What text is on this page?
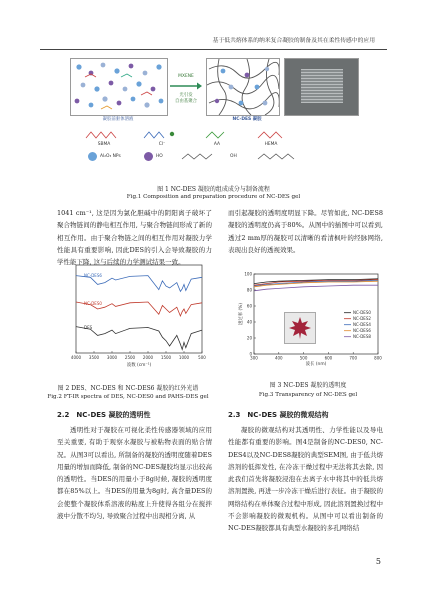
基于低共熔体系的纳米复合凝胶的制备及其在柔性传感中的应用
凝胶前驱体溶液
MXENE
光引发
自由基聚合
NC-DES 凝胶
SBMA	Cl⁻	AA	HEMA
Al₂O₃ NPs	HO	OH
图 1 NC-DES 凝胶的组成成分与制备流程
Fig.1 Composition and preparation procedure of NC-DES gel
1041 cm⁻¹, 这是因为氯化胆碱中的阴阳离子破坏了聚合物链间的静电相互作用, 与聚合物链间形成了新的相互作用。由于聚合物链之间的相互作用对凝胶力学性能具有重要影响, 因此DES的引入会导致凝胶的力学性能下降, 这与后续的力学测试结果一致。
而引起凝胶的透明度明显下降。尽管如此, NC-DES8凝胶的透明度仍高于80%。从图中的插图中可以看到, 透过2 mm厚的凝胶可以清晰的看清枫叶的经脉网络, 表现出良好的透视效果。
4000 3500 3000 2500 2000 1500 1000 500
NC-DES6
NC-DES0
DES
波数 (cm⁻¹)
图 2 DES、NC-DES 和 NC-DES6 凝胶的红外光谱
Fig.2 FT-IR spectra of DES, NC-DES0 and PAHS-DES gel
100
80
60
40
20
0
300	400	500	600	700	800
NC-DES0
NC-DES2
NC-DES4
NC-DES6
NC-DES8
透过率 (%)
波长 (nm)
图 3 NC-DES 凝胶的透明度
Fig.3 Transparency of NC-DES gel
2.2　NC-DES 凝胶的透明性	2.3　NC-DES 凝胶的微观结构
透明性对于凝胶在可视化柔性传感器领域的应用至关重要, 有助于观察水凝胶与被粘物表面的贴合情况。从图3可以看出, 所制备的凝胶的透明度随着DES用量的增加而降低, 制备的NC-DES凝胶均显示出较高的透明性。当DES的用量小于8g时候, 凝胶的透明度都在85%以上。当DES的用量为8g时, 高含量DES的会使整个凝胶体系溶液的粘度上升使得各组分在搅拌液中分散不均匀, 导致聚合过程中出现相分离, 从
凝胶的微观结构对其透明性、力学性能以及导电性能都有重要的影响。图4是制备的NC-DES0, NC-DES4以及NC-DES8凝胶的典型SEM图, 由于低共熔溶剂的低挥发性, 在冷冻干燥过程中无法将其去除, 因此我们首先将凝胶浸泡在去离子水中将其中的低共熔溶剂置换, 再进一步冷冻干燥后进行表征。由于凝胶的网络结构在单体聚合过程中形成, 因此溶剂置换过程中不会影响凝胶的微观机构。从图中可以看出制备的NC-DES凝胶都具有典型水凝胶的多孔网络结
5
